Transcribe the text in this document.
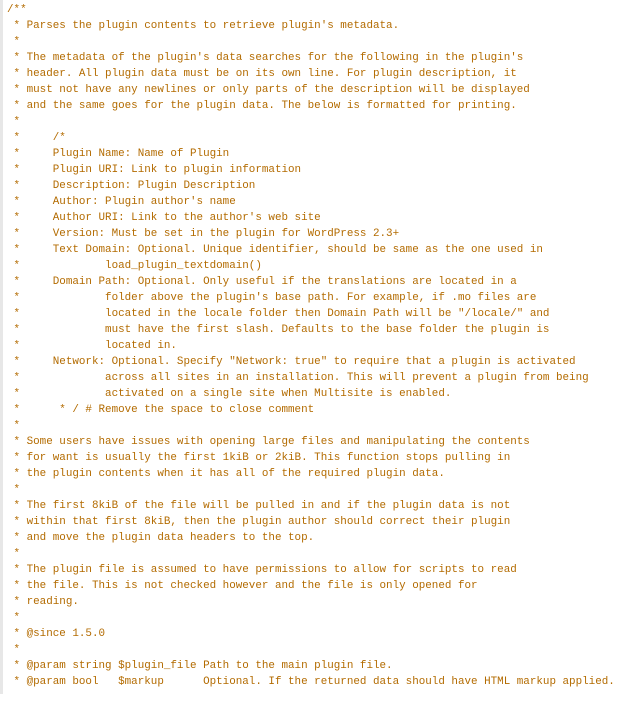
/**
* Parses the plugin contents to retrieve plugin's metadata.
*
* The metadata of the plugin's data searches for the following in the plugin's
* header. All plugin data must be on its own line. For plugin description, it
* must not have any newlines or only parts of the description will be displayed
* and the same goes for the plugin data. The below is formatted for printing.
*
*     /*
*     Plugin Name: Name of Plugin
*     Plugin URI: Link to plugin information
*     Description: Plugin Description
*     Author: Plugin author's name
*     Author URI: Link to the author's web site
*     Version: Must be set in the plugin for WordPress 2.3+
*     Text Domain: Optional. Unique identifier, should be same as the one used in
*             load_plugin_textdomain()
*     Domain Path: Optional. Only useful if the translations are located in a
*             folder above the plugin's base path. For example, if .mo files are
*             located in the locale folder then Domain Path will be "/locale/" and
*             must have the first slash. Defaults to the base folder the plugin is
*             located in.
*     Network: Optional. Specify "Network: true" to require that a plugin is activated
*             across all sites in an installation. This will prevent a plugin from being
*             activated on a single site when Multisite is enabled.
*      * / # Remove the space to close comment
*
* Some users have issues with opening large files and manipulating the contents
* for want is usually the first 1kiB or 2kiB. This function stops pulling in
* the plugin contents when it has all of the required plugin data.
*
* The first 8kiB of the file will be pulled in and if the plugin data is not
* within that first 8kiB, then the plugin author should correct their plugin
* and move the plugin data headers to the top.
*
* The plugin file is assumed to have permissions to allow for scripts to read
* the file. This is not checked however and the file is only opened for
* reading.
*
* @since 1.5.0
*
* @param string $plugin_file Path to the main plugin file.
* @param bool   $markup      Optional. If the returned data should have HTML markup applied.
